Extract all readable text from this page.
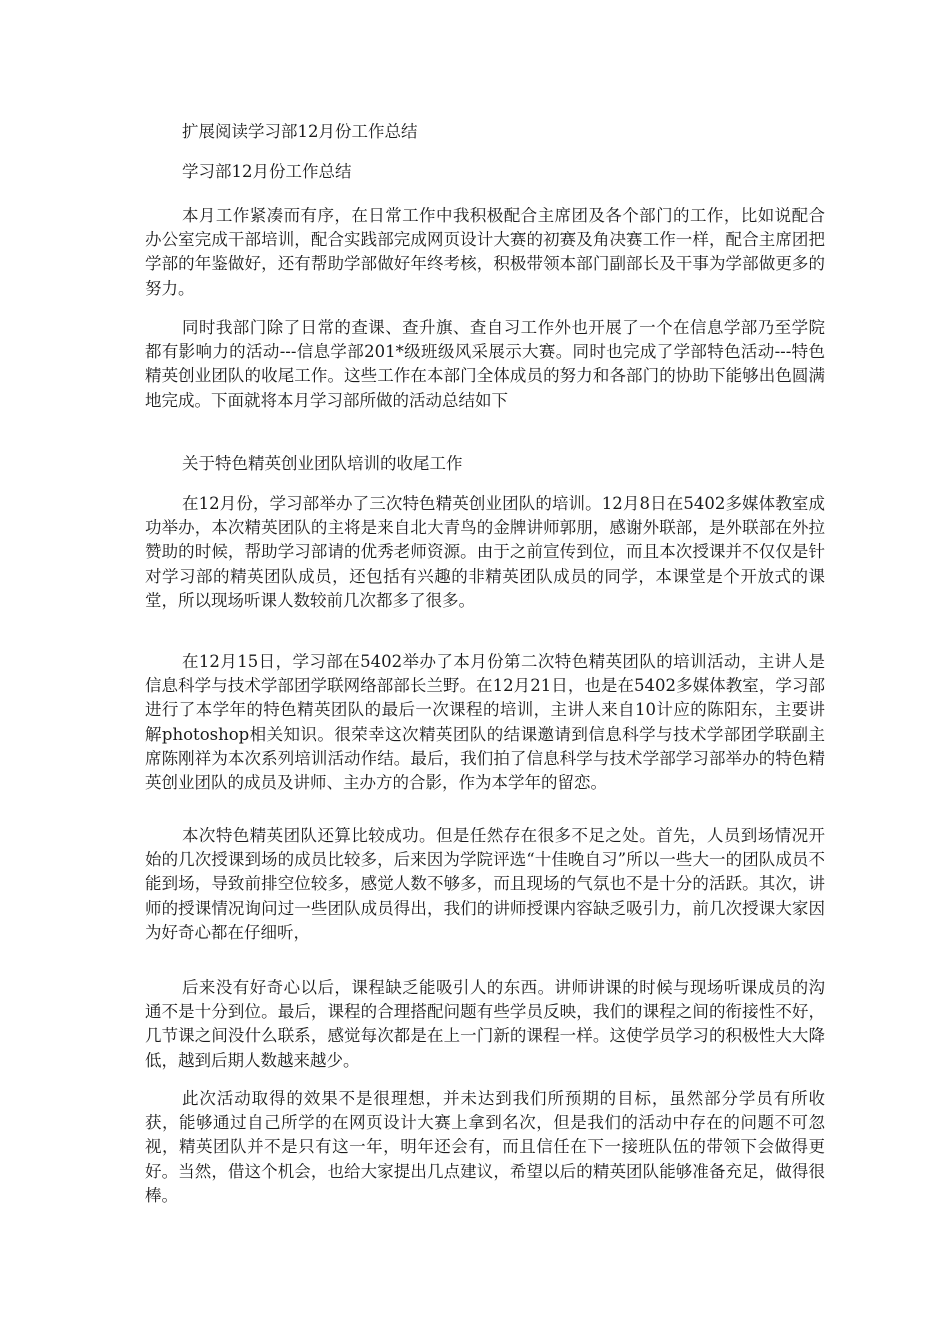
扩展阅读学习部12月份工作总结
学习部12月份工作总结

本月工作紧凑而有序，在日常工作中我积极配合主席团及各个部门的工作，比如说配合办公室完成干部培训，配合实践部完成网页设计大赛的初赛及角决赛工作一样，配合主席团把学部的年鉴做好，还有帮助学部做好年终考核，积极带领本部门副部长及干事为学部做更多的努力。

同时我部门除了日常的查课、查升旗、查自习工作外也开展了一个在信息学部乃至学院都有影响力的活动---信息学部201*级班级风采展示大赛。同时也完成了学部特色活动---特色精英创业团队的收尾工作。这些工作在本部门全体成员的努力和各部门的协助下能够出色圆满地完成。下面就将本月学习部所做的活动总结如下

关于特色精英创业团队培训的收尾工作

在12月份，学习部举办了三次特色精英创业团队的培训。12月8日在5402多媒体教室成功举办，本次精英团队的主将是来自北大青鸟的金牌讲师郭朋，感谢外联部，是外联部在外拉赞助的时候，帮助学习部请的优秀老师资源。由于之前宣传到位，而且本次授课并不仅仅是针对学习部的精英团队成员，还包括有兴趣的非精英团队成员的同学，本课堂是个开放式的课堂，所以现场听课人数较前几次都多了很多。

在12月15日，学习部在5402举办了本月份第二次特色精英团队的培训活动，主讲人是信息科学与技术学部团学联网络部部长兰野。在12月21日，也是在5402多媒体教室，学习部进行了本学年的特色精英团队的最后一次课程的培训，主讲人来自10计应的陈阳东，主要讲解photoshop相关知识。很荣幸这次精英团队的结课邀请到信息科学与技术学部团学联副主席陈刚祥为本次系列培训活动作结。最后，我们拍了信息科学与技术学部学习部举办的特色精英创业团队的成员及讲师、主办方的合影，作为本学年的留恋。

本次特色精英团队还算比较成功。但是任然存在很多不足之处。首先，人员到场情况开始的几次授课到场的成员比较多，后来因为学院评选“十佳晚自习”所以一些大一的团队成员不能到场，导致前排空位较多，感觉人数不够多，而且现场的气氛也不是十分的活跃。其次，讲师的授课情况询问过一些团队成员得出，我们的讲师授课内容缺乏吸引力，前几次授课大家因为好奇心都在仔细听，

后来没有好奇心以后，课程缺乏能吸引人的东西。讲师讲课的时候与现场听课成员的沟通不是十分到位。最后，课程的合理搭配问题有些学员反映，我们的课程之间的衔接性不好，几节课之间没什么联系，感觉每次都是在上一门新的课程一样。这使学员学习的积极性大大降低，越到后期人数越来越少。

此次活动取得的效果不是很理想，并未达到我们所预期的目标，虽然部分学员有所收获，能够通过自己所学的在网页设计大赛上拿到名次，但是我们的活动中存在的问题不可忽视，精英团队并不是只有这一年，明年还会有，而且信任在下一接班队伍的带领下会做得更好。当然，借这个机会，也给大家提出几点建议，希望以后的精英团队能够准备充足，做得很棒。
